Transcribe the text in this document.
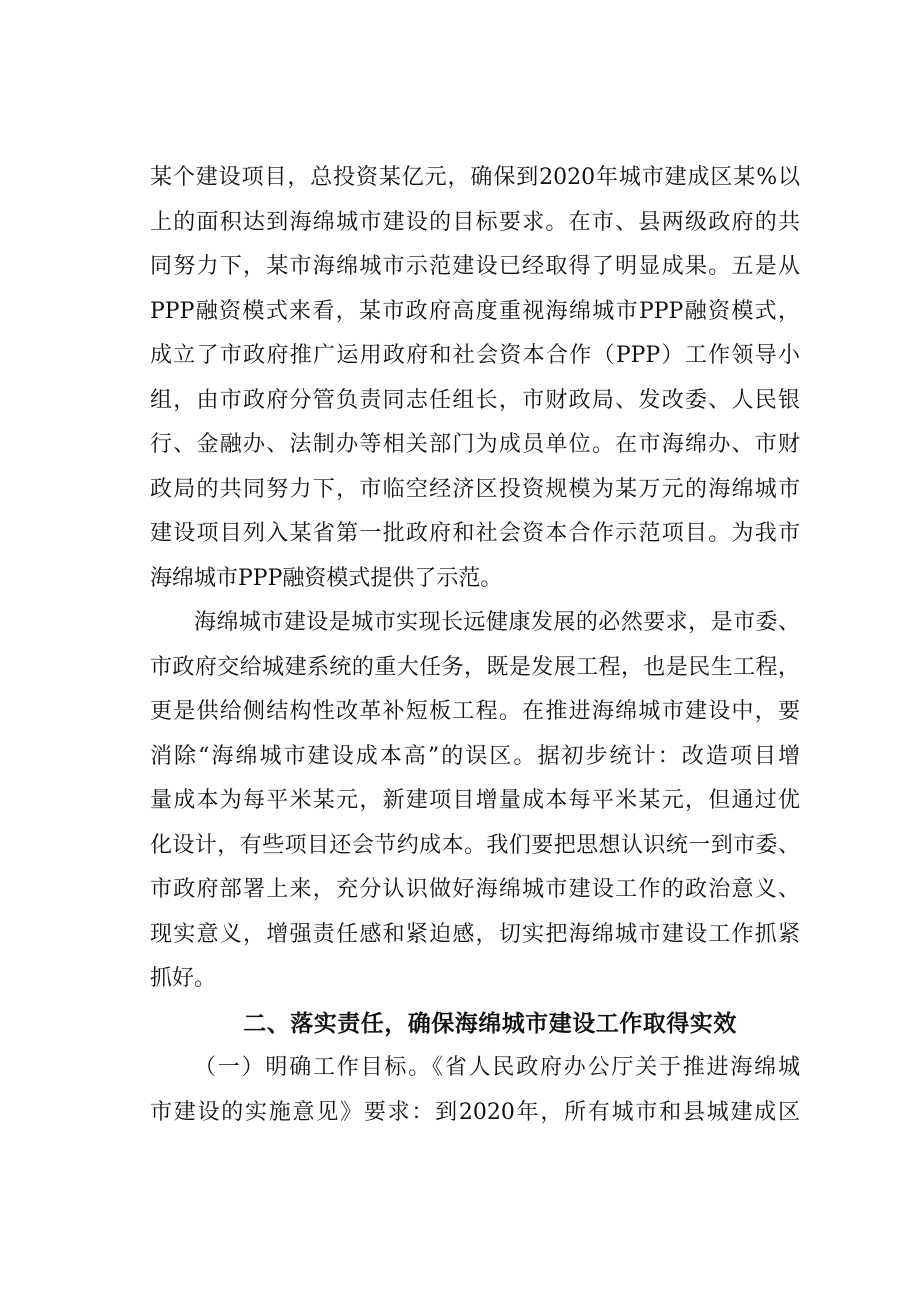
某个建设项目，总投资某亿元，确保到2020年城市建成区某%以
上的面积达到海绵城市建设的目标要求。在市、县两级政府的共
同努力下，某市海绵城市示范建设已经取得了明显成果。五是从
PPP融资模式来看，某市政府高度重视海绵城市PPP融资模式，
成立了市政府推广运用政府和社会资本合作（PPP）工作领导小
组，由市政府分管负责同志任组长，市财政局、发改委、人民银
行、金融办、法制办等相关部门为成员单位。在市海绵办、市财
政局的共同努力下，市临空经济区投资规模为某万元的海绵城市
建设项目列入某省第一批政府和社会资本合作示范项目。为我市
海绵城市PPP融资模式提供了示范。
海绵城市建设是城市实现长远健康发展的必然要求，是市委、
市政府交给城建系统的重大任务，既是发展工程，也是民生工程，
更是供给侧结构性改革补短板工程。在推进海绵城市建设中，要
消除“海绵城市建设成本高”的误区。据初步统计：改造项目增
量成本为每平米某元，新建项目增量成本每平米某元，但通过优
化设计，有些项目还会节约成本。我们要把思想认识统一到市委、
市政府部署上来，充分认识做好海绵城市建设工作的政治意义、
现实意义，增强责任感和紧迫感，切实把海绵城市建设工作抓紧
抓好。
二、落实责任，确保海绵城市建设工作取得实效
（一）明确工作目标。《省人民政府办公厅关于推进海绵城
市建设的实施意见》要求：到2020年，所有城市和县城建成区
